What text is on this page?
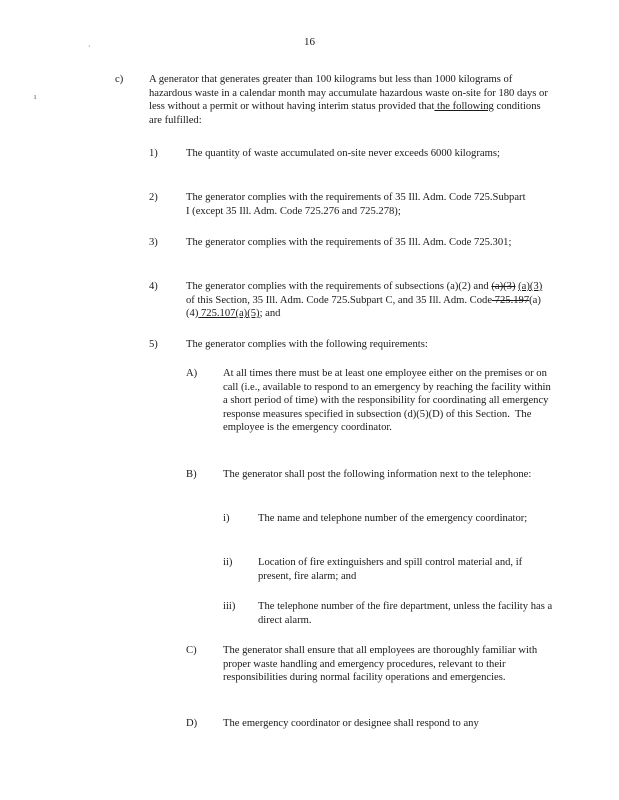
·
ı
16
c) A generator that generates greater than 100 kilograms but less than 1000 kilograms of hazardous waste in a calendar month may accumulate hazardous waste on-site for 180 days or less without a permit or without having interim status provided that the following conditions are fulfilled:
1)	The quantity of waste accumulated on-site never exceeds 6000 kilograms;
2)	The generator complies with the requirements of 35 Ill. Adm. Code 725.Subpart I (except 35 Ill. Adm. Code 725.276 and 725.278);
3)	The generator complies with the requirements of 35 Ill. Adm. Code 725.301;
4)	The generator complies with the requirements of subsections (a)(2) and (a)(3) (a)(3) of this Section, 35 Ill. Adm. Code 725.Subpart C, and 35 Ill. Adm. Code 725.197(a)(4) 725.107(a)(5); and
5)	The generator complies with the following requirements:
A) At all times there must be at least one employee either on the premises or on call (i.e., available to respond to an emergency by reaching the facility within a short period of time) with the responsibility for coordinating all emergency response measures specified in subsection (d)(5)(D) of this Section.  The employee is the emergency coordinator.
B) The generator shall post the following information next to the telephone:
i)	The name and telephone number of the emergency coordinator;
ii) Location of fire extinguishers and spill control material and, if present, fire alarm; and
iii) The telephone number of the fire department, unless the facility has a direct alarm.
C) The generator shall ensure that all employees are thoroughly familiar with proper waste handling and emergency procedures, relevant to their responsibilities during normal facility operations and emergencies.
D) The emergency coordinator or designee shall respond to any
